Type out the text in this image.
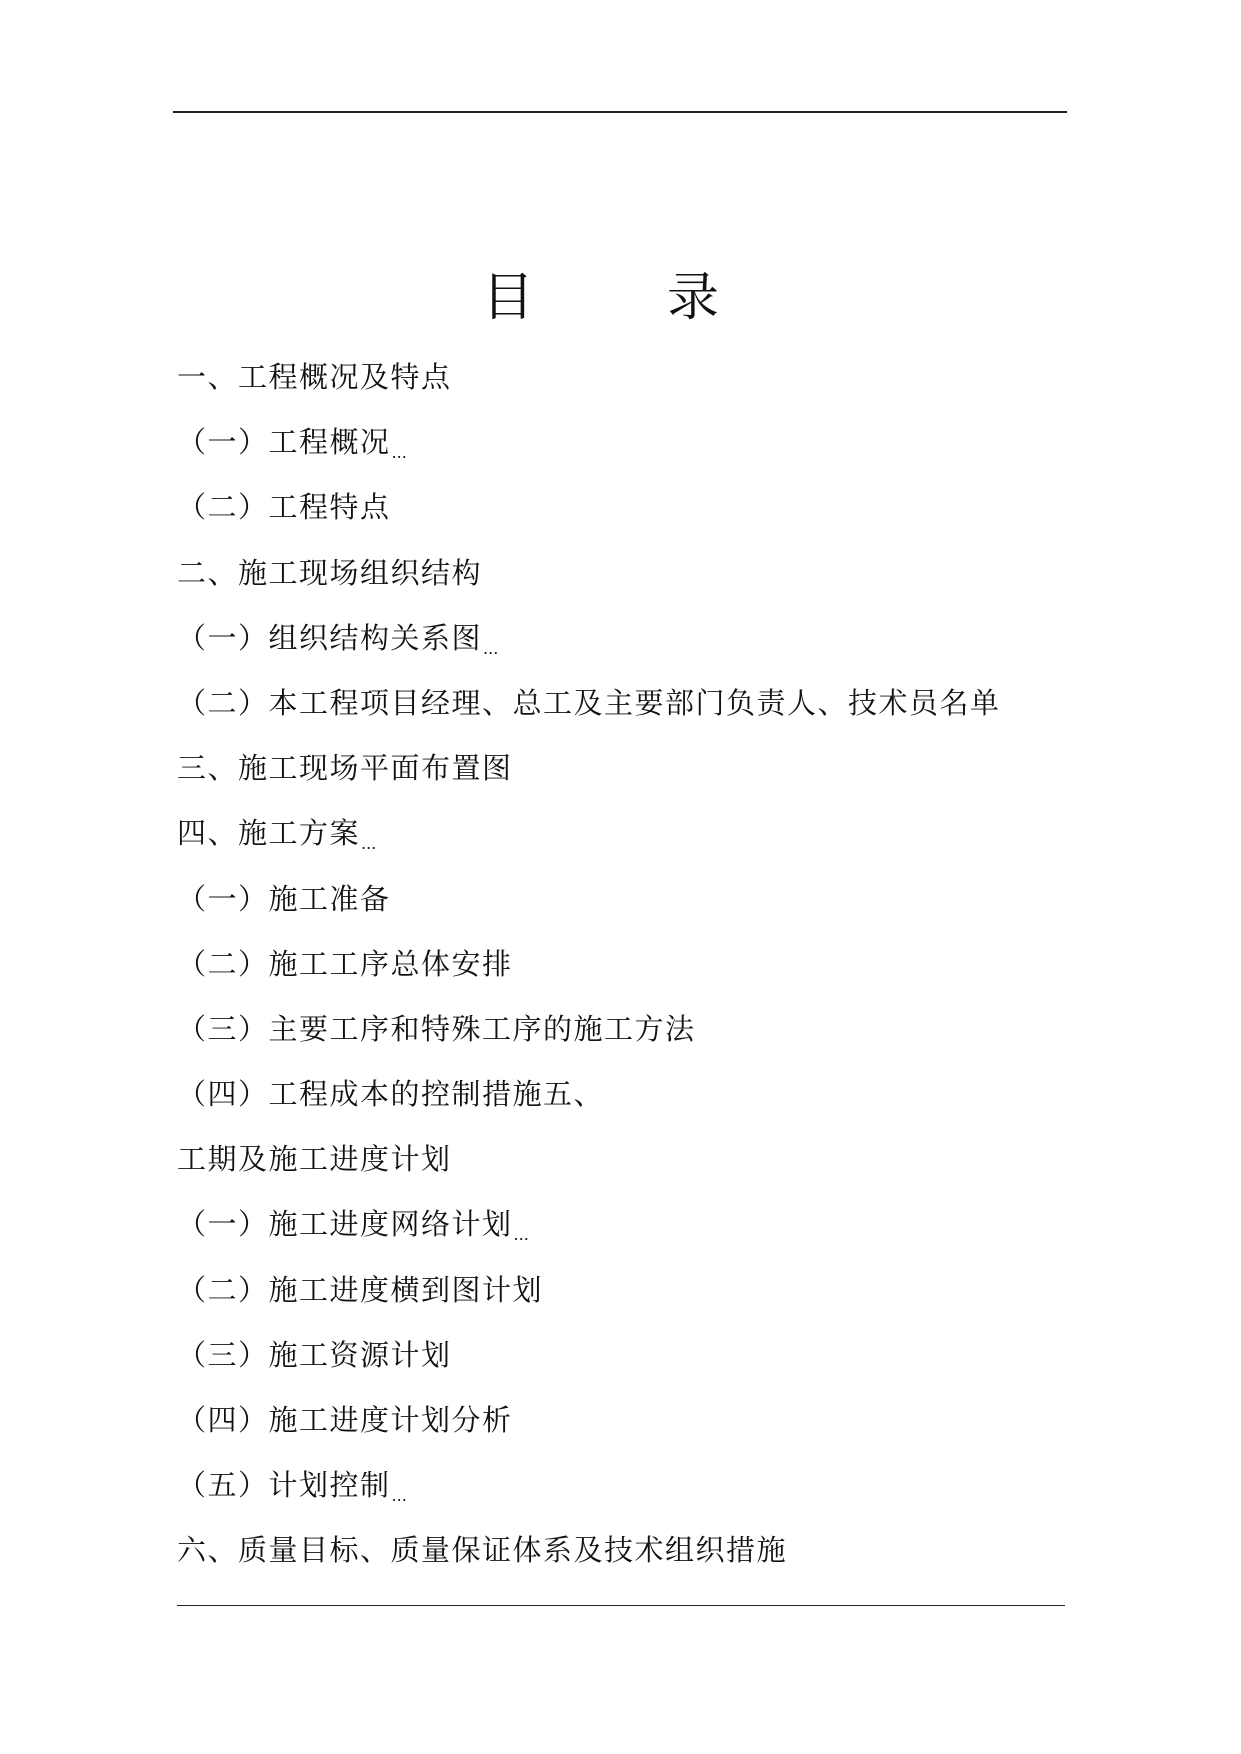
目	录
一、工程概况及特点
（一）工程概况$_{...}$
（二）工程特点
二、施工现场组织结构
（一）组织结构关系图$_{...}$
（二）本工程项目经理、总工及主要部门负责人、技术员名单
三、施工现场平面布置图
四、施工方案$_{...}$
（一）施工准备
（二）施工工序总体安排
（三）主要工序和特殊工序的施工方法
（四）工程成本的控制措施五、
工期及施工进度计划
（一）施工进度网络计划$_{...}$
（二）施工进度横到图计划
（三）施工资源计划
（四）施工进度计划分析
（五）计划控制$_{...}$
六、质量目标、质量保证体系及技术组织措施
